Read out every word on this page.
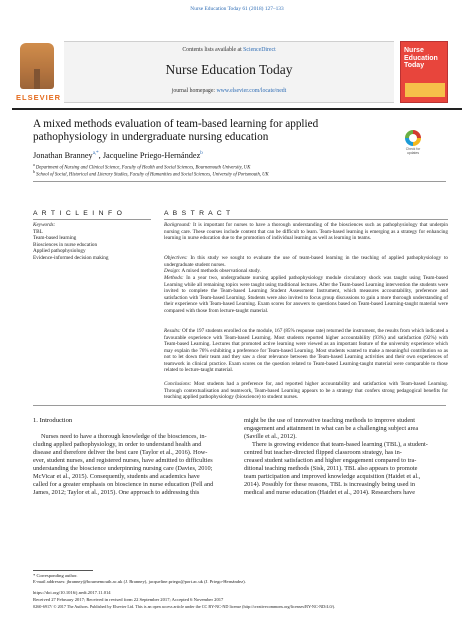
Nurse Education Today 61 (2018) 127–133
ELSEVIER
Contents lists available at ScienceDirect
Nurse Education Today
journal homepage: www.elsevier.com/locate/nedt
Nurse Education Today
A mixed methods evaluation of team-based learning for applied
pathophysiology in undergraduate nursing education
Check for updates
Jonathan Branney$^{a,*}$, Jacqueline Priego-Hernández$^b$
$^a$ Department of Nursing and Clinical Science, Faculty of Health and Social Sciences, Bournemouth University, UK
$^b$ School of Social, Historical and Literary Studies, Faculty of Humanities and Social Sciences, University of Portsmouth, UK
A R T I C L E I N F O
Keywords:
TBL
Team-based learning
Biosciences in nurse education
Applied pathophysiology
Evidence-informed decision making
A B S T R A C T
Background: It is important for nurses to have a thorough understanding of the biosciences such as pathophysiology that underpin nursing care. These courses include content that can be difficult to learn. Team-based learning is emerging as a strategy for enhancing learning in nurse education due to the promotion of individual learning as well as learning in teams.
Objectives: In this study we sought to evaluate the use of team-based learning in the teaching of applied pathophysiology to undergraduate student nurses.
Design: A mixed methods observational study.
Methods: In a year two, undergraduate nursing applied pathophysiology module circulatory shock was taught using Team-based Learning while all remaining topics were taught using traditional lectures. After the Team-based Learning intervention the students were invited to complete the Team-based Learning Student Assessment Instrument, which measures accountability, preference and satisfaction with Team-based Learning. Students were also invited to focus group discussions to gain a more thorough understanding of their experience with Team-based Learning. Exam scores for answers to questions based on Team-based Learning-taught material were compared with those from lecture-taught material.
Results: Of the 197 students enrolled on the module, 167 (85% response rate) returned the instrument, the results from which indicated a favourable experience with Team-based Learning. Most students reported higher accountability (93%) and satisfaction (92%) with Team-based Learning. Lectures that promoted active learning were viewed as an important feature of the university experience which may explain the 76% exhibiting a preference for Team-based Learning. Most students wanted to make a meaningful contribution so as not to let down their team and they saw a clear relevance between the Team-based Learning activities and their own experiences of teamwork in clinical practice. Exam scores on the question related to Team-based Learning-taught material were comparable to those related to lecture-taught material.
Conclusions: Most students had a preference for, and reported higher accountability and satisfaction with Team-based Learning. Through contextualisation and teamwork, Team-based Learning appears to be a strategy that confers strong pedagogical benefits for teaching applied pathophysiology (bioscience) to student nurses.
1. Introduction
Nurses need to have a thorough knowledge of the biosciences, in-
cluding applied pathophysiology, in order to understand health and
disease and therefore deliver the best care (Taylor et al., 2016). How-
ever, student nurses, and registered nurses, have admitted to difficulties
understanding the bioscience underpinning nursing care (Davies, 2010;
McVicar et al., 2015). Consequently, students and academics have
called for a greater emphasis on bioscience in nurse education (Fell and
James, 2012; Taylor et al., 2015). One approach to addressing this
might be the use of innovative teaching methods to improve student
engagement and attainment in what can be a challenging subject area
(Saville et al., 2012).
There is growing evidence that team-based learning (TBL), a student-
centred but teacher-directed flipped classroom strategy, has in-
creased student satisfaction and higher engagement compared to tra-
ditional teaching methods (Sisk, 2011). TBL also appears to promote
team participation and improved knowledge acquisition (Haidet et al.,
2014). Possibly for these reasons, TBL is increasingly being used in
medical and nurse education (Haidet et al., 2014). Researchers have
* Corresponding author.
E-mail addresses: jbranney@bournemouth.ac.uk (J. Branney), jacqueline.priego@port.ac.uk (J. Priego-Hernández).
https://doi.org/10.1016/j.nedt.2017.11.014
Received 27 February 2017; Received in revised form 22 September 2017; Accepted 6 November 2017
0260-6917/ © 2017 The Authors. Published by Elsevier Ltd. This is an open access article under the CC BY-NC-ND license (http://creativecommons.org/licenses/BY-NC-ND/4.0/).
